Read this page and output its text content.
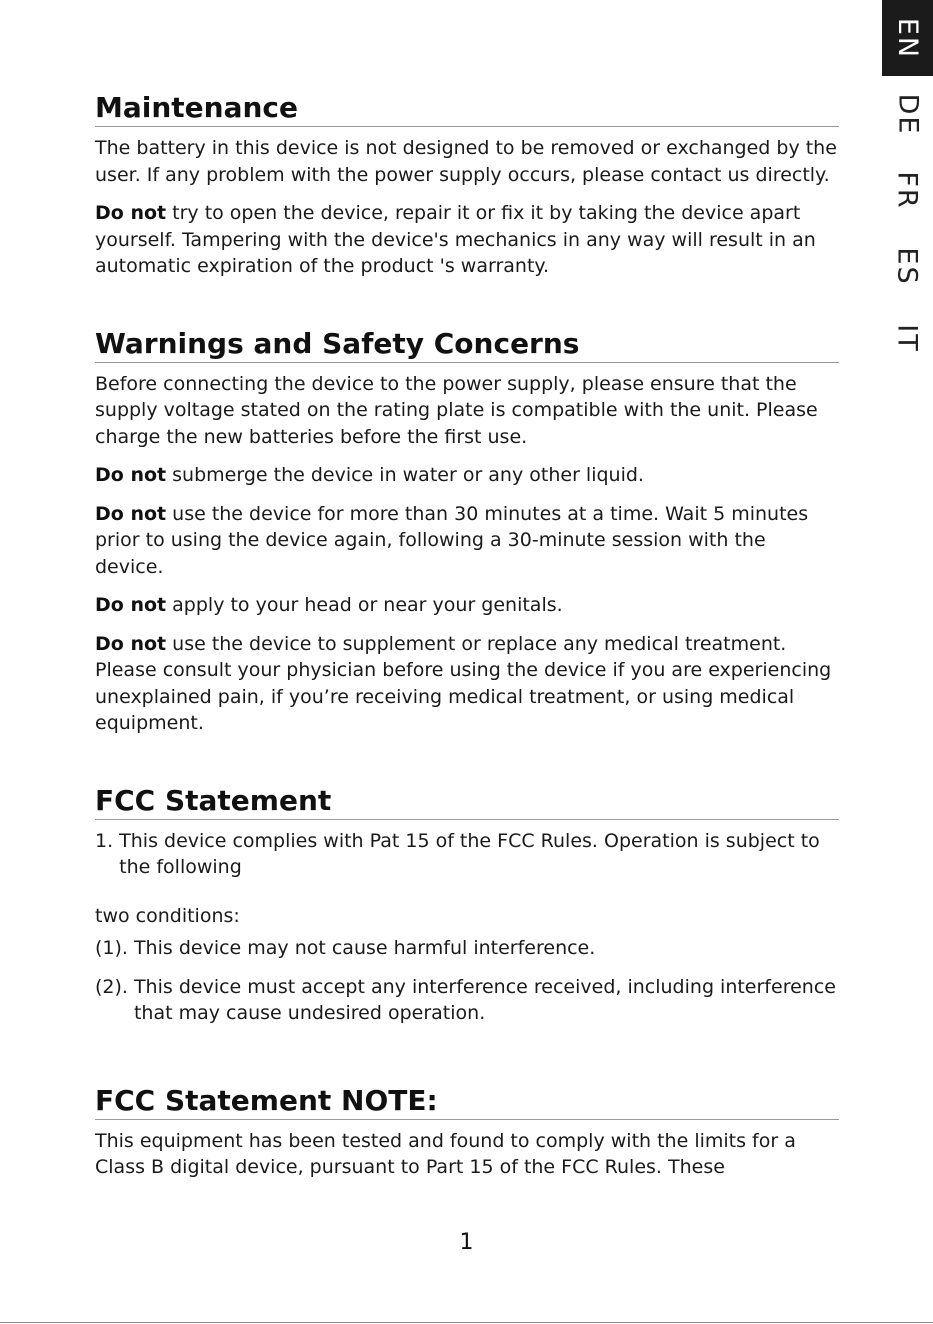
EN
DE
FR
ES
IT
Maintenance

The battery in this device is not designed to be removed or exchanged by the user. If any problem with the power supply occurs, please contact us directly.

Do not try to open the device, repair it or fix it by taking the device apart yourself. Tampering with the device's mechanics in any way will result in an automatic expiration of the product 's warranty.

Warnings and Safety Concerns

Before connecting the device to the power supply, please ensure that the supply voltage stated on the rating plate is compatible with the unit. Please charge the new batteries before the first use.

Do not submerge the device in water or any other liquid.

Do not use the device for more than 30 minutes at a time. Wait 5 minutes prior to using the device again, following a 30-minute session with the device.

Do not apply to your head or near your genitals.

Do not use the device to supplement or replace any medical treatment. Please consult your physician before using the device if you are experiencing unexplained pain, if you’re receiving medical treatment, or using medical equipment.

FCC Statement
1. This device complies with Pat 15 of the FCC Rules. Operation is subject to the following

two conditions:

(1). This device may not cause harmful interference.
(2). This device must accept any interference received, including interference that may cause undesired operation.
FCC Statement NOTE:

This equipment has been tested and found to comply with the limits for a Class B digital device, pursuant to Part 15 of the FCC Rules. These

1
